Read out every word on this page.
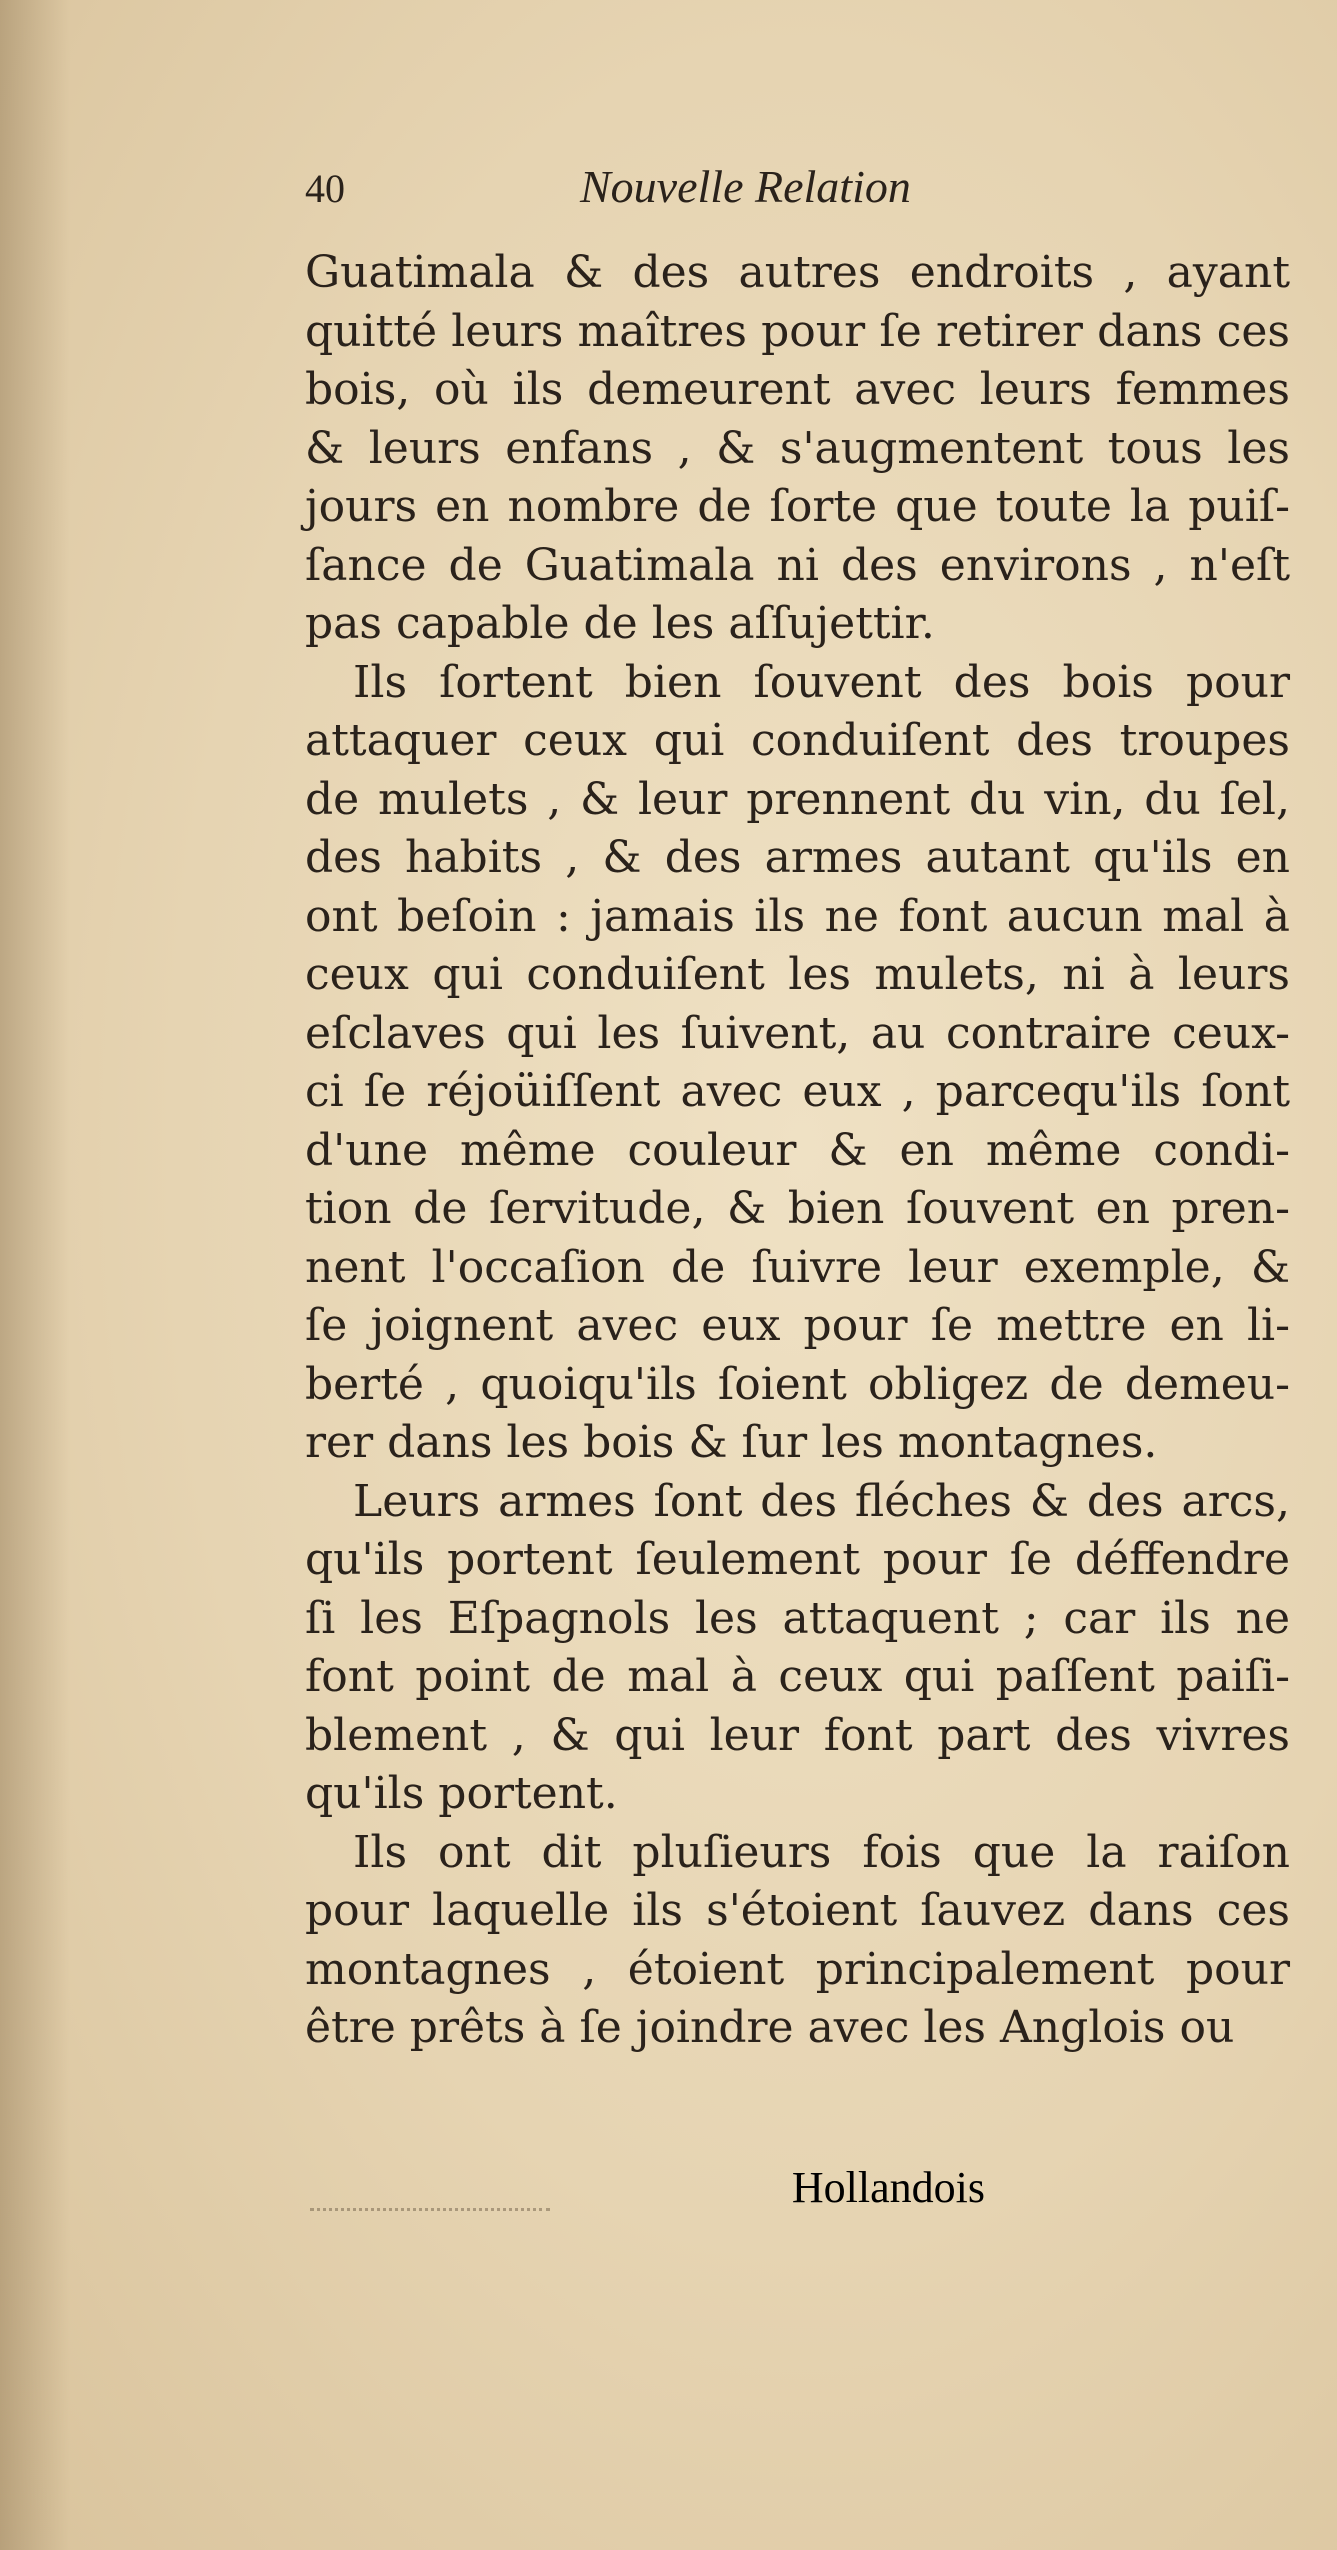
40	Nouvelle Relation
Guatimala & des autres endroits , ayant
quitté leurs maîtres pour ſe retirer dans ces
bois, où ils demeurent avec leurs femmes
& leurs enfans , & s'augmentent tous les
jours en nombre de ſorte que toute la puiſ-
ſance de Guatimala ni des environs , n'eſt
pas capable de les aſſujettir.
Ils ſortent bien ſouvent des bois pour
attaquer ceux qui conduiſent des troupes
de mulets , & leur prennent du vin, du ſel,
des habits , & des armes autant qu'ils en
ont beſoin : jamais ils ne font aucun mal à
ceux qui conduiſent les mulets, ni à leurs
eſclaves qui les ſuivent, au contraire ceux-
ci ſe réjoüiſſent avec eux , parcequ'ils ſont
d'une même couleur & en même condi-
tion de ſervitude, & bien ſouvent en pren-
nent l'occaſion de ſuivre leur exemple, &
ſe joignent avec eux pour ſe mettre en li-
berté , quoiqu'ils ſoient obligez de demeu-
rer dans les bois & ſur les montagnes.
Leurs armes ſont des fléches & des arcs,
qu'ils portent ſeulement pour ſe déffendre
ſi les Eſpagnols les attaquent ; car ils ne
font point de mal à ceux qui paſſent paiſi-
blement , & qui leur font part des vivres
qu'ils portent.
Ils ont dit pluſieurs fois que la raiſon
pour laquelle ils s'étoient ſauvez dans ces
montagnes , étoient principalement pour
être prêts à ſe joindre avec les Anglois ou
Hollandois
